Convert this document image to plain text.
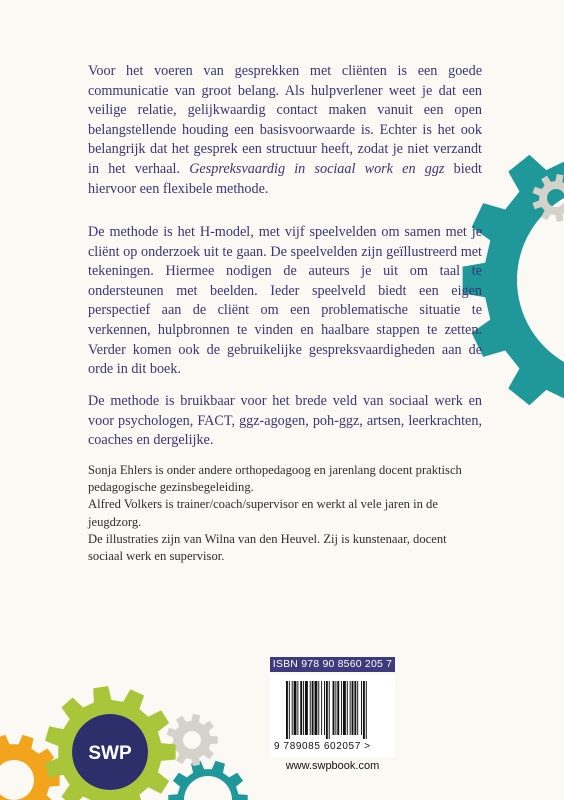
SWP

Voor het voeren van gesprekken met cliënten is een goede communicatie van groot belang. Als hulpverlener weet je dat een veilige relatie, gelijkwaardig contact maken vanuit een open belangstellende houding een basisvoorwaarde is. Echter is het ook belangrijk dat het gesprek een structuur heeft, zodat je niet verzandt in het verhaal. Gespreksvaardig in sociaal work en ggz biedt hiervoor een flexibele methode.

De methode is het H-model, met vijf speelvelden om samen met je cliënt op onderzoek uit te gaan. De speelvelden zijn geïllustreerd met tekeningen. Hiermee nodigen de auteurs je uit om taal te ondersteunen met beelden. Ieder speelveld biedt een eigen perspectief aan de cliënt om een problematische situatie te verkennen, hulpbronnen te vinden en haalbare stappen te zetten. Verder komen ook de gebruikelijke gespreksvaardigheden aan de orde in dit boek.

De methode is bruikbaar voor het brede veld van sociaal werk en voor psychologen, FACT, ggz-agogen, poh-ggz, artsen, leerkrachten, coaches en dergelijke.

Sonja Ehlers is onder andere orthopedagoog en jarenlang docent praktisch pedagogische gezinsbegeleiding.

Alfred Volkers is trainer/coach/supervisor en werkt al vele jaren in de jeugdzorg.

De illustraties zijn van Wilna van den Heuvel. Zij is kunstenaar, docent sociaal werk en supervisor.

ISBN 978 90 8560 205 7
9 789085 602057 >
www.swpbook.com
